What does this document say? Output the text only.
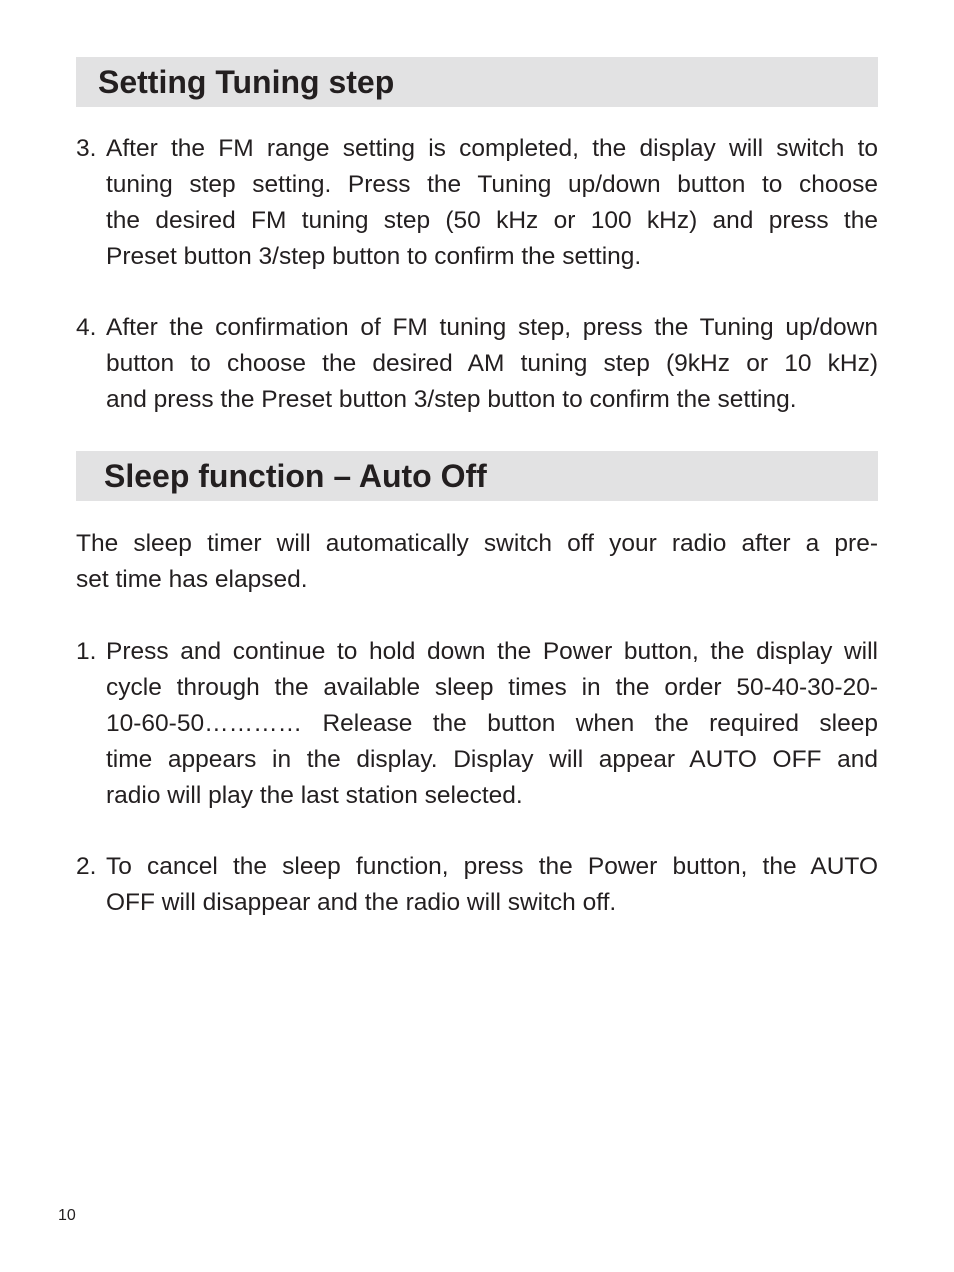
Setting Tuning step
3. After the FM range setting is completed, the display will switch to
tuning step setting. Press the Tuning up/down button to choose
the desired FM tuning step (50 kHz or 100 kHz) and press the
Preset button 3/step button to confirm the setting.
4. After the confirmation of FM tuning step, press the Tuning up/down
button to choose the desired AM tuning step (9kHz or 10 kHz)
and press the Preset button 3/step button to confirm the setting.
Sleep function – Auto Off
The sleep timer will automatically switch off your radio after a pre-
set time has elapsed.
1. Press and continue to hold down the Power button, the display will
cycle through the available sleep times in the order 50-40-30-20-
10-60-50………… Release the button when the required sleep
time appears in the display. Display will appear AUTO OFF and
radio will play the last station selected.
2. To cancel the sleep function, press the Power button, the AUTO
OFF will disappear and the radio will switch off.
10
